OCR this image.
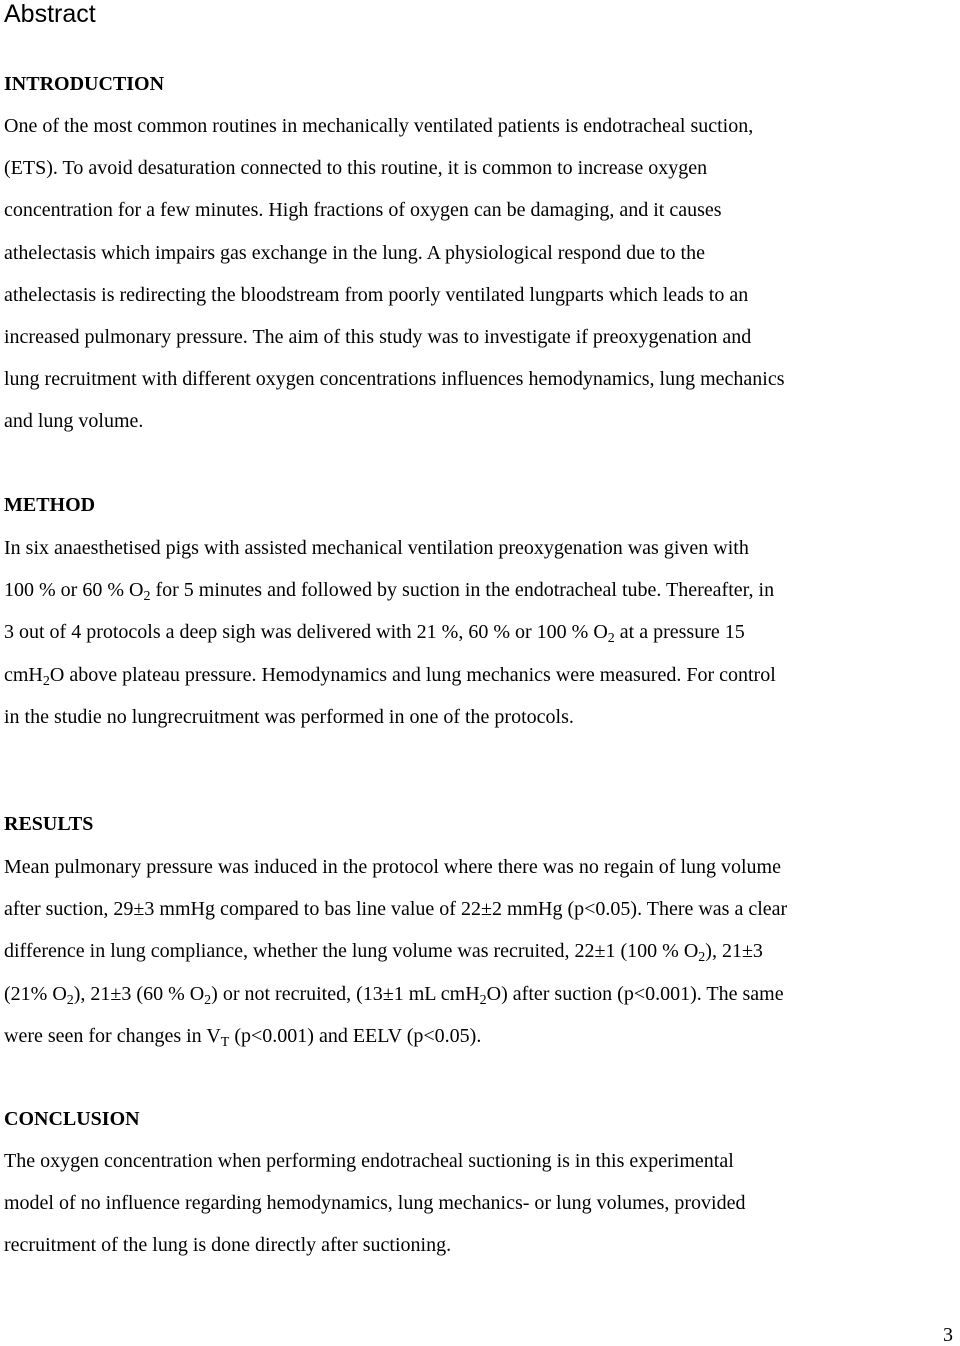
Abstract
INTRODUCTION

One of the most common routines in mechanically ventilated patients is endotracheal suction,

(ETS). To avoid desaturation connected to this routine, it is common to increase oxygen

concentration for a few minutes. High fractions of oxygen can be damaging, and it causes

athelectasis which impairs gas exchange in the lung. A physiological respond due to the

athelectasis is redirecting the bloodstream from poorly ventilated lungparts which leads to an

increased pulmonary pressure. The aim of this study was to investigate if preoxygenation and

lung recruitment with different oxygen concentrations influences hemodynamics, lung mechanics

and lung volume.

METHOD

In six anaesthetised pigs with assisted mechanical ventilation preoxygenation was given with

100 % or 60 % $O_2$ for 5 minutes and followed by suction in the endotracheal tube. Thereafter, in

3 out of 4 protocols a deep sigh was delivered with 21 %, 60 % or 100 % $O_2$ at a pressure 15

cmH$_2$O above plateau pressure. Hemodynamics and lung mechanics were measured. For control

in the studie no lungrecruitment was performed in one of the protocols.

RESULTS

Mean pulmonary pressure was induced in the protocol where there was no regain of lung volume

after suction, 29±3 mmHg compared to bas line value of 22±2 mmHg (p<0.05). There was a clear

difference in lung compliance, whether the lung volume was recruited, 22±1 (100 % $O_2$), 21±3

(21% $O_2$), 21±3 (60 % $O_2$) or not recruited, (13±1 mL cmH$_2$O) after suction (p<0.001). The same

were seen for changes in $V_T$ (p<0.001) and EELV (p<0.05).

CONCLUSION

The oxygen concentration when performing endotracheal suctioning is in this experimental

model of no influence regarding hemodynamics, lung mechanics- or lung volumes, provided

recruitment of the lung is done directly after suctioning.

3
